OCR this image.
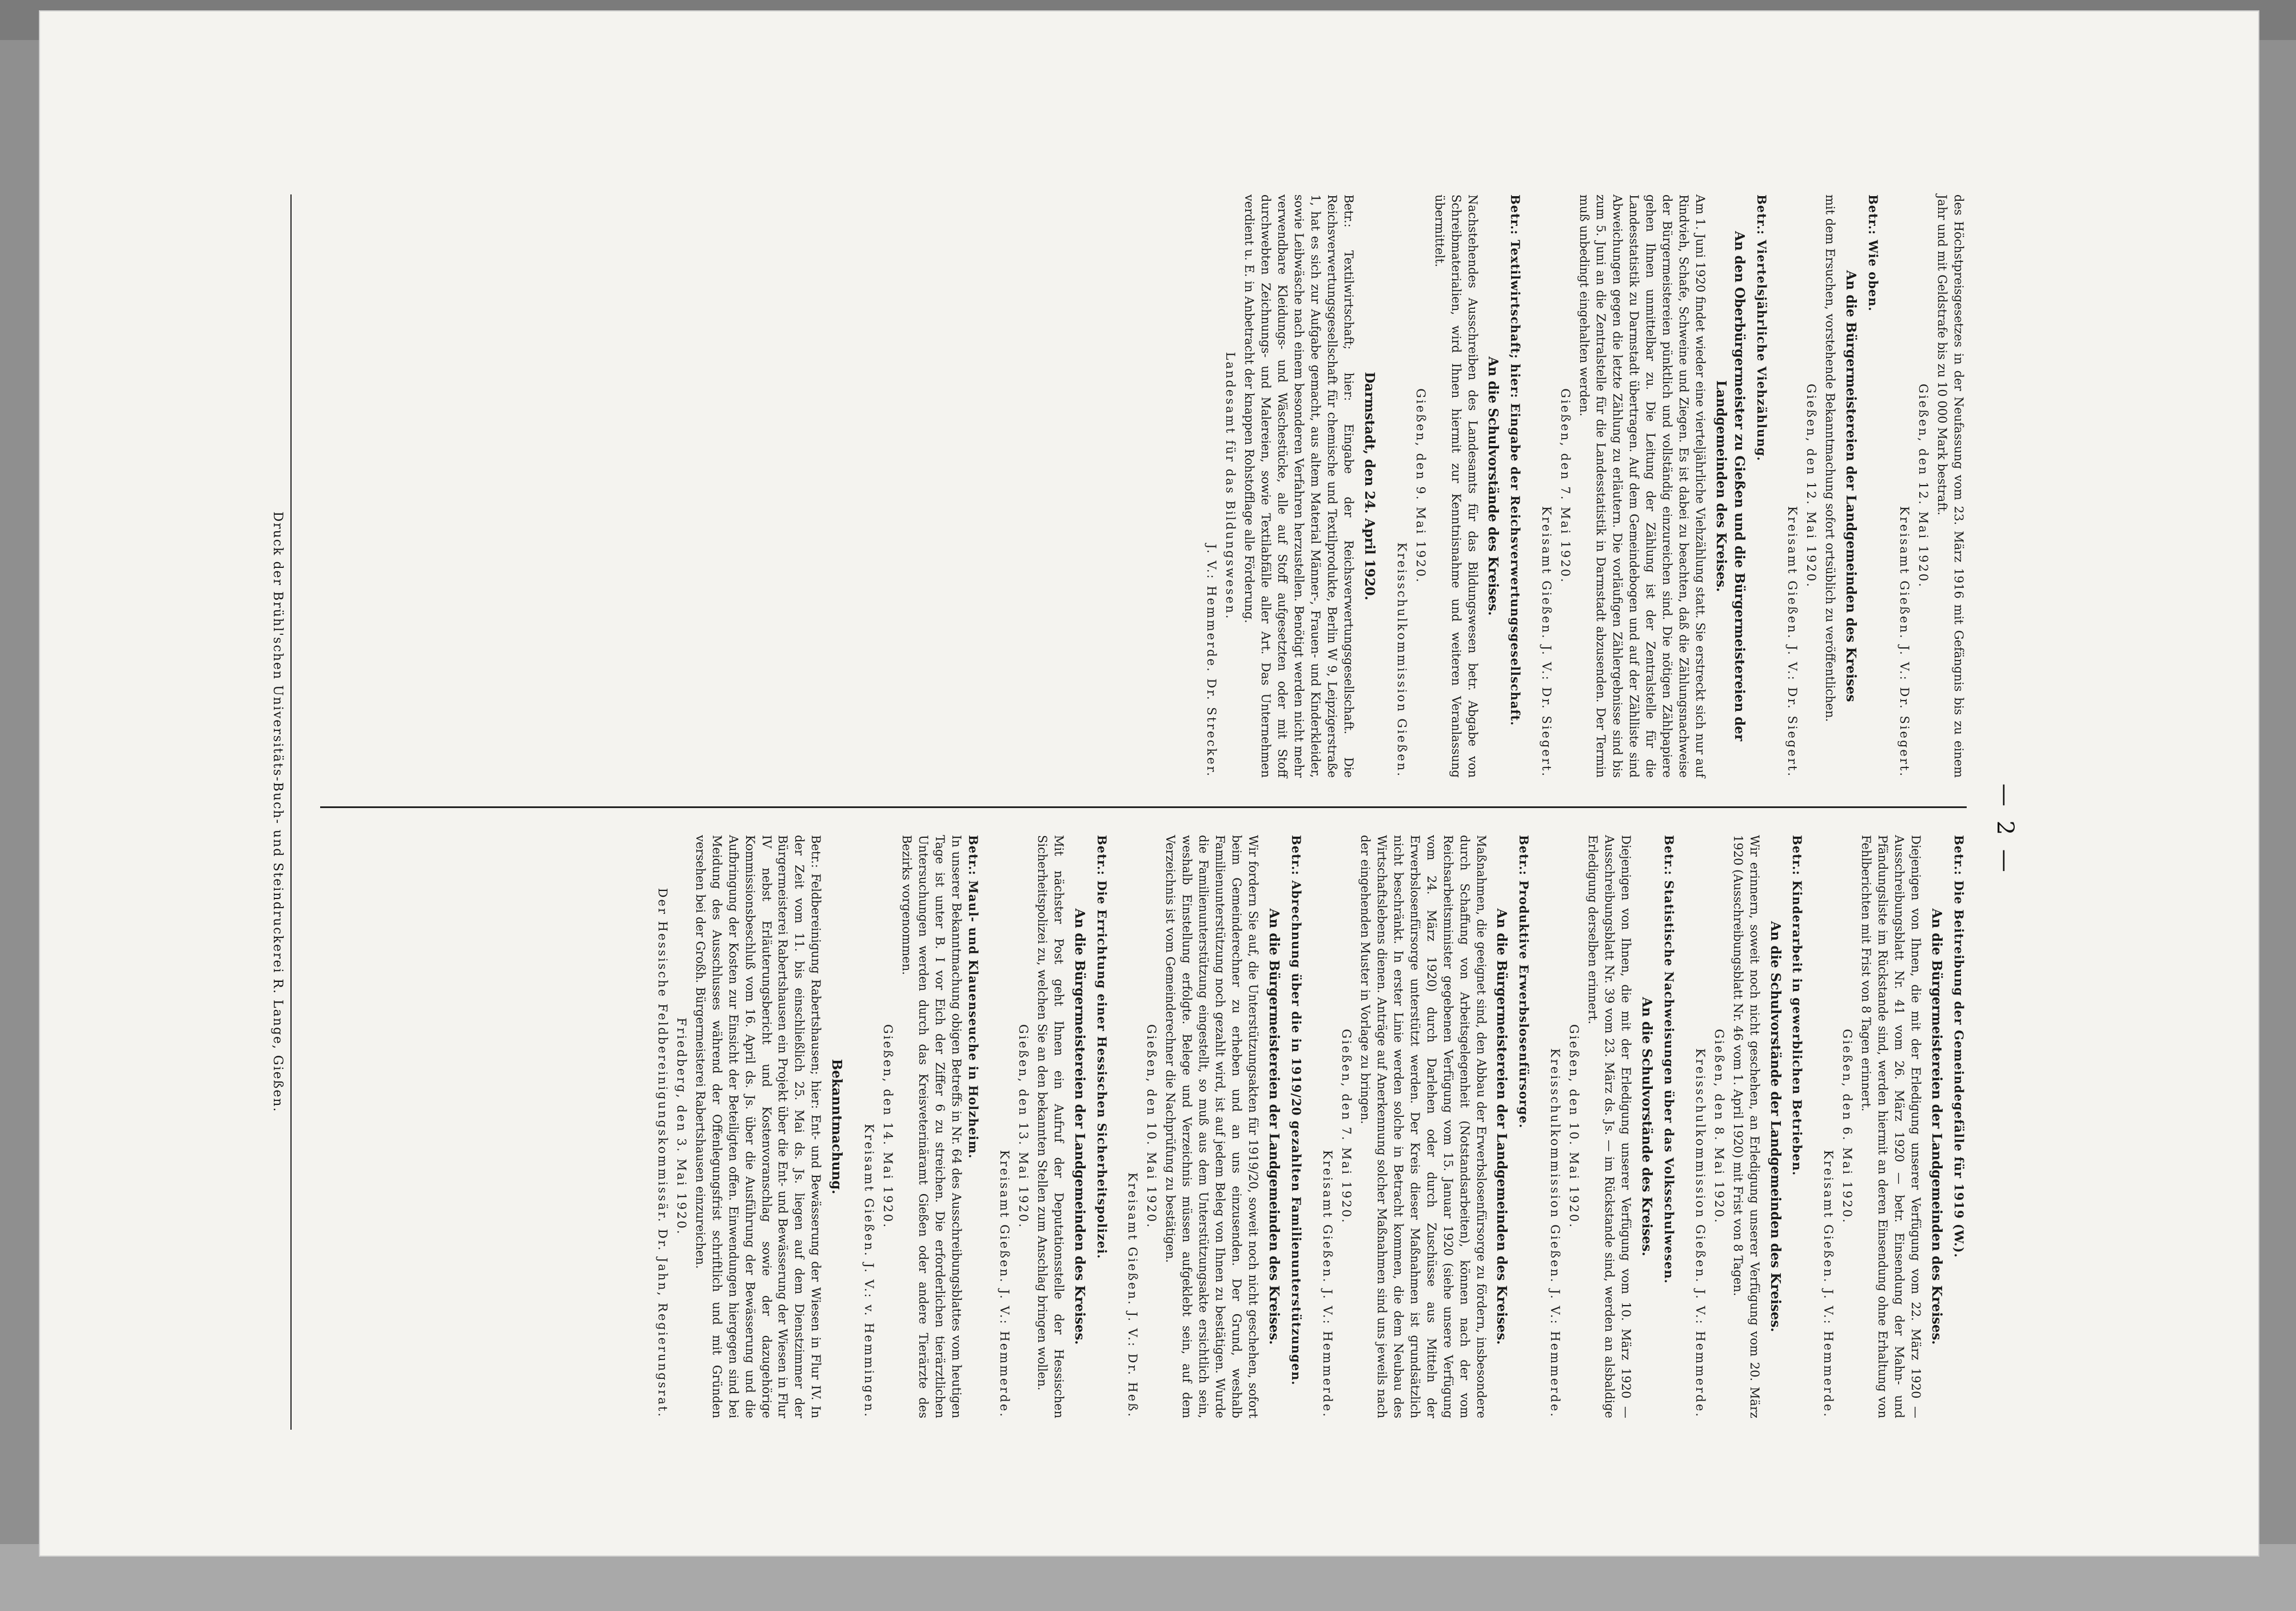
— 2 —
des Höchstpreisgesetzes in der Neufassung vom 23. März 1916 mit Gefängnis bis zu einem Jahr und mit Geldstrafe bis zu 10 000 Mark bestraft.
Gießen, den 12. Mai 1920.
Kreisamt Gießen. J. V.: Dr. Siegert.
Betr.: Wie oben.
An die Bürgermeistereien der Landgemeinden des Kreises
mit dem Ersuchen, vorstehende Bekanntmachung sofort ortsüblich zu veröffentlichen.
Gießen, den 12. Mai 1920.
Kreisamt Gießen. J. V.: Dr. Siegert.
Betr.: Viertelsjährliche Viehzählung.
An den Oberbürgermeister zu Gießen und die Bürgermeistereien der Landgemeinden des Kreises.
Am 1. Juni 1920 findet wieder eine vierteljährliche Viehzählung statt. Sie erstreckt sich nur auf Rindvieh, Schafe, Schweine und Ziegen. Es ist dabei zu beachten, daß die Zählungsnachweise der Bürgermeistereien pünktlich und vollständig einzureichen sind. Die nötigen Zählpapiere gehen Ihnen unmittelbar zu. Die Leitung der Zählung ist der Zentralstelle für die Landesstatistik zu Darmstadt übertragen. Auf dem Gemeindebogen und auf der Zählliste sind Abweichungen gegen die letzte Zählung zu erläutern. Die vorläufigen Zählergebnisse sind bis zum 5. Juni an die Zentralstelle für die Landesstatistik in Darmstadt abzusenden. Der Termin muß unbedingt eingehalten werden.
Gießen, den 7. Mai 1920.
Kreisamt Gießen. J. V.: Dr. Siegert.
Betr.: Textilwirtschaft; hier: Eingabe der Reichsverwertungsgesellschaft.
An die Schulvorstände des Kreises.
Nachstehendes Ausschreiben des Landesamts für das Bildungswesen betr. Abgabe von Schreibmaterialien, wird Ihnen hiermit zur Kenntnisnahme und weiteren Veranlassung übermittelt.
Gießen, den 9. Mai 1920.
Kreisschulkommission Gießen.
Darmstadt, den 24. April 1920.
Betr.: Textilwirtschaft; hier: Eingabe der Reichsverwertungsgesellschaft. Die Reichsverwertungsgesellschaft für chemische und Textilprodukte, Berlin W 9, Leipzigerstraße 1, hat es sich zur Aufgabe gemacht, aus altem Material Männer-, Frauen- und Kinderkleider, sowie Leibwäsche nach einem besonderen Verfahren herzustellen. Benötigt werden nicht mehr verwendbare Kleidungs- und Wäschestücke, alle auf Stoff aufgesetzten oder mit Stoff durchwebten Zeichnungs- und Malereien, sowie Textilabfälle aller Art. Das Unternehmen verdient u. E. in Anbetracht der knappen Rohstofflage alle Förderung.
Landesamt für das Bildungswesen.
J. V.: Hemmerde. Dr. Strecker.
Betr.: Die Beitreibung der Gemeindegefälle für 1919 (W.).
An die Bürgermeistereien der Landgemeinden des Kreises.
Diejenigen von Ihnen, die mit der Erledigung unserer Verfügung vom 22. März 1920 — Ausschreibungsblatt Nr. 41 vom 26. März 1920 — betr. Einsendung der Mahn- und Pfändungsliste im Rückstande sind, werden hiermit an deren Einsendung ohne Erhaltung von Fehlberichten mit Frist von 8 Tagen erinnert.
Gießen, den 6. Mai 1920.
Kreisamt Gießen. J. V.: Hemmerde.
Betr.: Kinderarbeit in gewerblichen Betrieben.
An die Schulvorstände der Landgemeinden des Kreises.
Wir erinnern, soweit noch nicht geschehen, an Erledigung unserer Verfügung vom 20. März 1920 (Ausschreibungsblatt Nr. 46 vom 1. April 1920) mit Frist von 8 Tagen.
Gießen, den 8. Mai 1920.
Kreisschulkommission Gießen. J. V.: Hemmerde.
Betr.: Statistische Nachweisungen über das Volksschulwesen.
An die Schulvorstände des Kreises.
Diejenigen von Ihnen, die mit der Erledigung unserer Verfügung vom 10. März 1920 — Ausschreibungsblatt Nr. 39 vom 23. März ds. Js. — im Rückstande sind, werden an alsbaldige Erledigung derselben erinnert.
Gießen, den 10. Mai 1920.
Kreisschulkommission Gießen. J. V.: Hemmerde.
Betr.: Produktive Erwerbslosenfürsorge.
An die Bürgermeistereien der Landgemeinden des Kreises.
Maßnahmen, die geeignet sind, den Abbau der Erwerbslosenfürsorge zu fördern, insbesondere durch Schaffung von Arbeitsgelegenheit (Notstandsarbeiten), können nach der vom Reichsarbeitsminister gegebenen Verfügung vom 15. Januar 1920 (siehe unsere Verfügung vom 24. März 1920) durch Darlehen oder durch Zuschüsse aus Mitteln der Erwerbslosenfürsorge unterstützt werden. Der Kreis dieser Maßnahmen ist grundsätzlich nicht beschränkt. In erster Linie werden solche in Betracht kommen, die dem Neubau des Wirtschaftslebens dienen. Anträge auf Anerkennung solcher Maßnahmen sind uns jeweils nach der eingehenden Muster in Vorlage zu bringen.
Gießen, den 7. Mai 1920.
Kreisamt Gießen. J. V.: Hemmerde.
Betr.: Abrechnung über die in 1919/20 gezahlten Familienunterstützungen.
An die Bürgermeistereien der Landgemeinden des Kreises.
Wir fordern Sie auf, die Unterstützungsakten für 1919/20, soweit noch nicht geschehen, sofort beim Gemeinderechner zu erheben und an uns einzusenden. Der Grund, weshalb Familienunterstützung noch gezahlt wird, ist auf jedem Beleg von Ihnen zu bestätigen. Wurde die Familienunterstützung eingestellt, so muß aus dem Unterstützungsakte ersichtlich sein, weshalb Einstellung erfolgte. Belege und Verzeichnis müssen aufgeklebt sein, auf dem Verzeichnis ist vom Gemeinderechner die Nachprüfung zu bestätigen.
Gießen, den 10. Mai 1920.
Kreisamt Gießen. J. V.: Dr. Heß.
Betr.: Die Errichtung einer Hessischen Sicherheitspolizei.
An die Bürgermeistereien der Landgemeinden des Kreises.
Mit nächster Post geht Ihnen ein Aufruf der Deputationsstelle der Hessischen Sicherheitspolizei zu, welchen Sie an den bekannten Stellen zum Anschlag bringen wollen.
Gießen, den 13. Mai 1920.
Kreisamt Gießen. J. V.: Hemmerde.
Betr.: Maul- und Klauenseuche in Holzheim.
In unserer Bekanntmachung obigen Betreffs in Nr. 64 des Ausschreibungsblattes vom heutigen Tage ist unter B. I vor Eich der Ziffer 6 zu streichen. Die erforderlichen tierärztlichen Untersuchungen werden durch das Kreisveterinäramt Gießen oder andere Tierärzte des Bezirks vorgenommen.
Gießen, den 14. Mai 1920.
Kreisamt Gießen. J. V.: v. Hemmingen.
Bekanntmachung.
Betr.: Feldbereinigung Rabertshausen; hier: Ent- und Bewässerung der Wiesen in Flur IV. In der Zeit vom 11. bis einschließlich 25. Mai ds. Js. liegen auf dem Dienstzimmer der Bürgermeisterei Rabertshausen ein Projekt über die Ent- und Bewässerung der Wiesen in Flur IV nebst Erläuterungsbericht und Kostenvoranschlag sowie der dazugehörige Kommissionsbeschluß vom 16. April ds. Js. über die Ausführung der Bewässerung und die Aufbringung der Kosten zur Einsicht der Beteiligten offen. Einwendungen hiergegen sind bei Meidung des Ausschlusses während der Offenlegungsfrist schriftlich und mit Gründen versehen bei der Großh. Bürgermeisterei Rabertshausen einzureichen.
Friedberg, den 3. Mai 1920.
Der Hessische Feldbereinigungskommissär. Dr. Jahn, Regierungsrat.
Druck der Brühl'schen Universitäts-Buch- und Steindruckerei R. Lange, Gießen.
